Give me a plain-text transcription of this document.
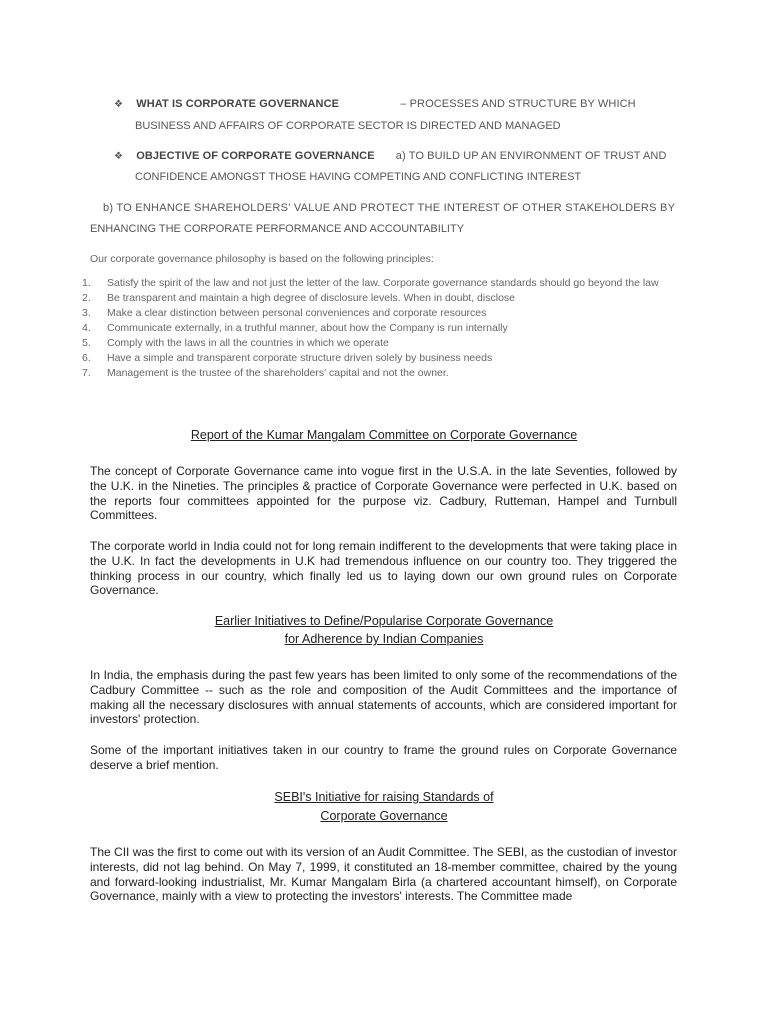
❖ WHAT IS CORPORATE GOVERNANCE	– PROCESSES AND STRUCTURE BY WHICH
BUSINESS AND AFFAIRS OF CORPORATE SECTOR IS DIRECTED AND MANAGED
❖ OBJECTIVE OF CORPORATE GOVERNANCE a) TO BUILD UP AN ENVIRONMENT OF TRUST AND
CONFIDENCE AMONGST THOSE HAVING COMPETING AND CONFLICTING INTEREST
b) TO ENHANCE SHAREHOLDERS' VALUE AND PROTECT THE INTEREST OF OTHER STAKEHOLDERS BY
ENHANCING THE CORPORATE PERFORMANCE AND ACCOUNTABILITY
Our corporate governance philosophy is based on the following principles:
1.	Satisfy the spirit of the law and not just the letter of the law. Corporate governance standards should go beyond the law
2.	Be transparent and maintain a high degree of disclosure levels. When in doubt, disclose
3.	Make a clear distinction between personal conveniences and corporate resources
4.	Communicate externally, in a truthful manner, about how the Company is run internally
5.	Comply with the laws in all the countries in which we operate
6.	Have a simple and transparent corporate structure driven solely by business needs
7.	Management is the trustee of the shareholders' capital and not the owner.
Report of the Kumar Mangalam Committee on Corporate Governance

The concept of Corporate Governance came into vogue first in the U.S.A. in the late Seventies, followed by the U.K. in the Nineties. The principles & practice of Corporate Governance were perfected in U.K. based on the reports four committees appointed for the purpose viz. Cadbury, Rutteman, Hampel and Turnbull Committees.

The corporate world in India could not for long remain indifferent to the developments that were taking place in the U.K. In fact the developments in U.K had tremendous influence on our country too. They triggered the thinking process in our country, which finally led us to laying down our own ground rules on Corporate Governance.

Earlier Initiatives to Define/Popularise Corporate Governance
for Adherence by Indian Companies

In India, the emphasis during the past few years has been limited to only some of the recommendations of the Cadbury Committee -- such as the role and composition of the Audit Committees and the importance of making all the necessary disclosures with annual statements of accounts, which are considered important for investors' protection.

Some of the important initiatives taken in our country to frame the ground rules on Corporate Governance deserve a brief mention.

SEBI's Initiative for raising Standards of
Corporate Governance

The CII was the first to come out with its version of an Audit Committee. The SEBI, as the custodian of investor interests, did not lag behind. On May 7, 1999, it constituted an 18-member committee, chaired by the young and forward-looking industrialist, Mr. Kumar Mangalam Birla (a chartered accountant himself), on Corporate Governance, mainly with a view to protecting the investors' interests. The Committee made
